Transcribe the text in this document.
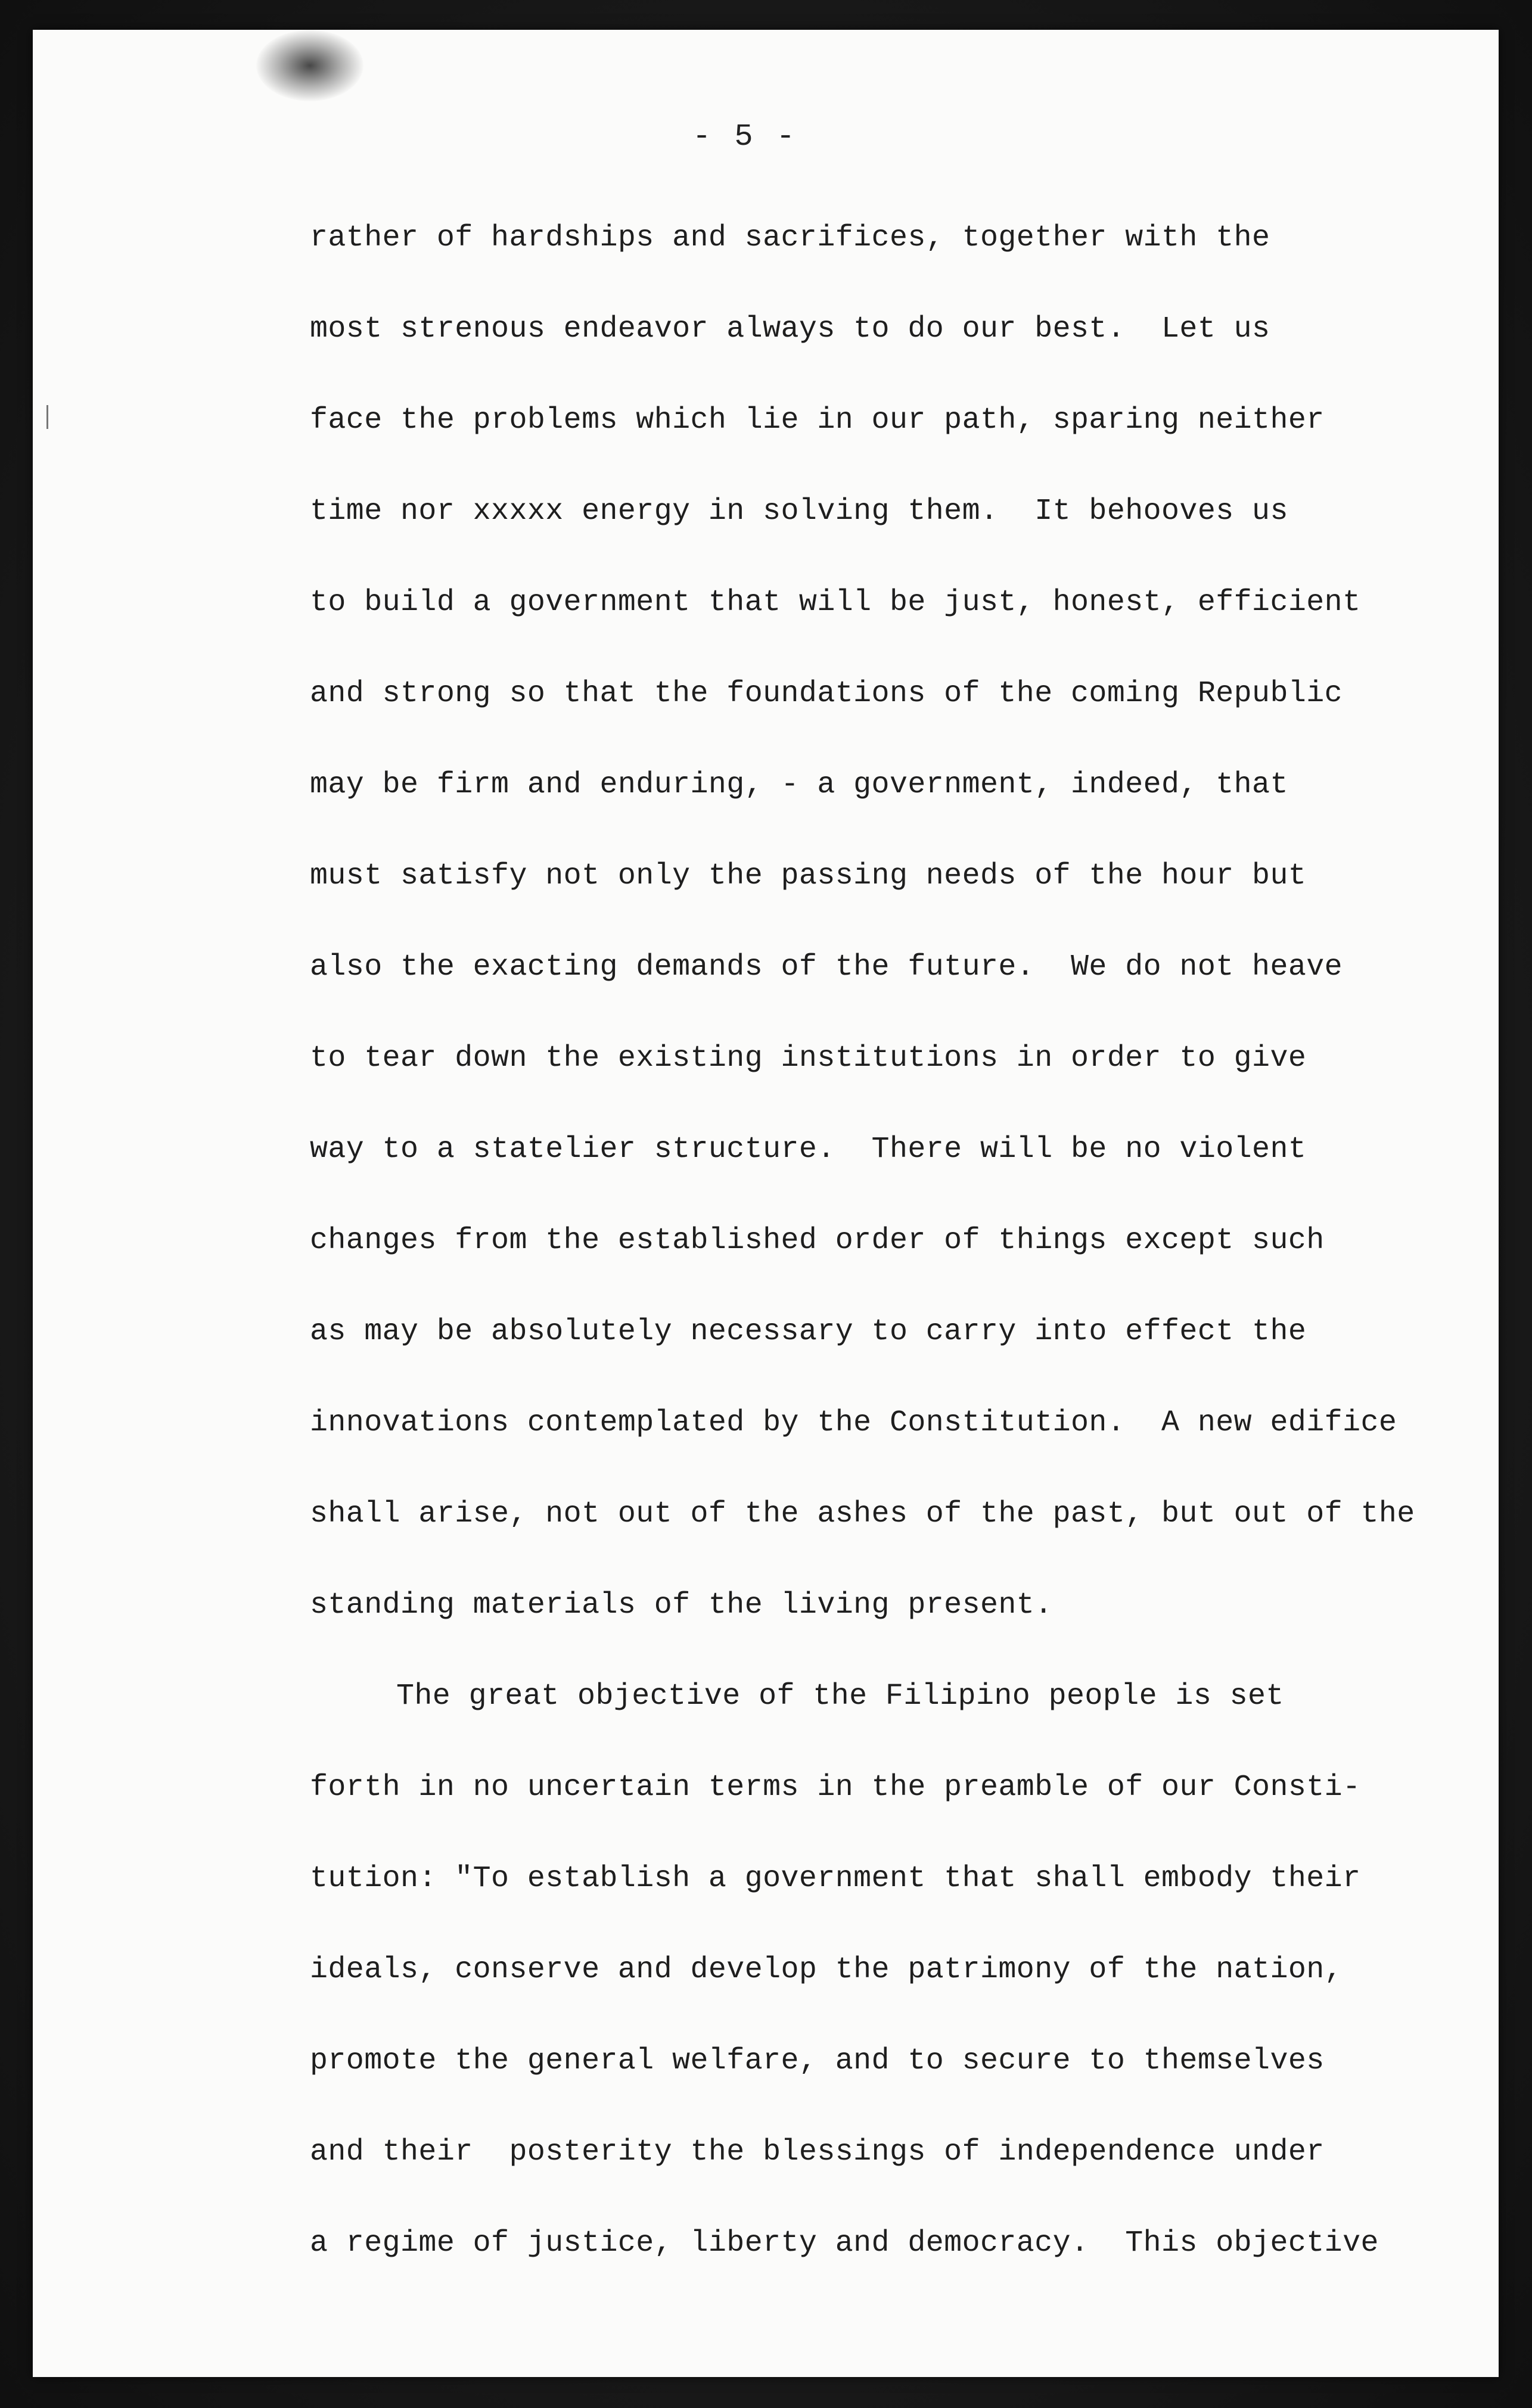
- 5 -
rather of hardships and sacrifices, together with the
most strenous endeavor always to do our best.  Let us
face the problems which lie in our path, sparing neither
time nor xxxxx energy in solving them.  It behooves us
to build a government that will be just, honest, efficient
and strong so that the foundations of the coming Republic
may be firm and enduring, - a government, indeed, that
must satisfy not only the passing needs of the hour but
also the exacting demands of the future.  We do not heave
to tear down the existing institutions in order to give
way to a statelier structure.  There will be no violent
changes from the established order of things except such
as may be absolutely necessary to carry into effect the
innovations contemplated by the Constitution.  A new edifice
shall arise, not out of the ashes of the past, but out of the
standing materials of the living present.
The great objective of the Filipino people is set
forth in no uncertain terms in the preamble of our Consti-
tution: "To establish a government that shall embody their
ideals, conserve and develop the patrimony of the nation,
promote the general welfare, and to secure to themselves
and their  posterity the blessings of independence under
a regime of justice, liberty and democracy.  This objective
